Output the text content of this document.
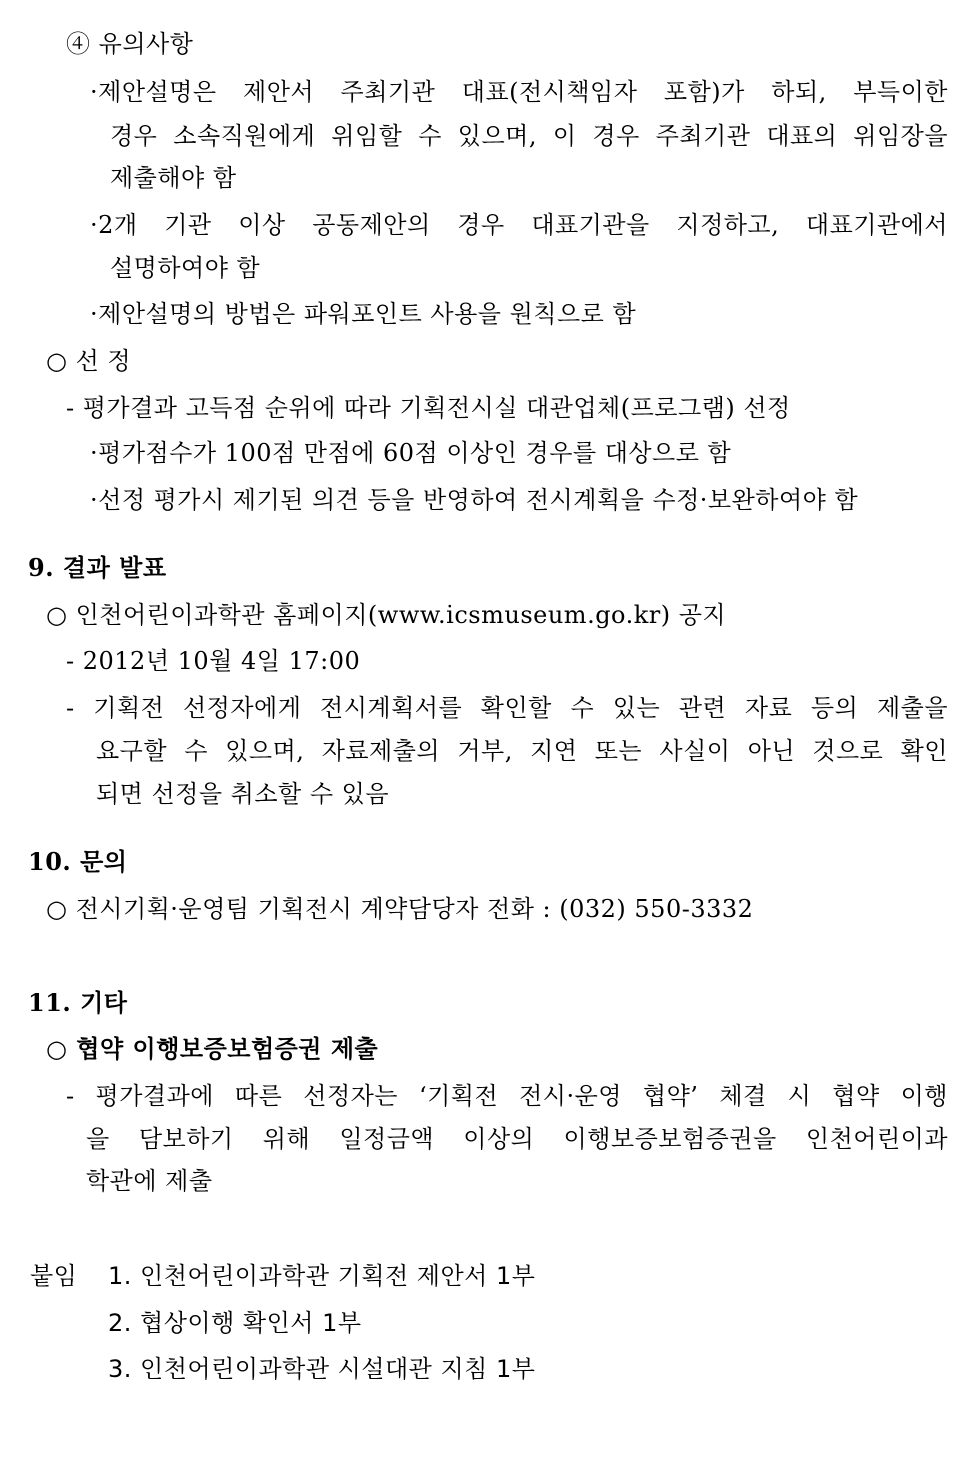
④ 유의사항
·제안설명은 제안서 주최기관 대표(전시책임자 포함)가 하되, 부득이한
경우 소속직원에게 위임할 수 있으며, 이 경우 주최기관 대표의 위임장을
제출해야 함
·2개 기관 이상 공동제안의 경우 대표기관을 지정하고, 대표기관에서
설명하여야 함
·제안설명의 방법은 파워포인트 사용을 원칙으로 함
○ 선 정
- 평가결과 고득점 순위에 따라 기획전시실 대관업체(프로그램) 선정
·평가점수가 100점 만점에 60점 이상인 경우를 대상으로 함
·선정 평가시 제기된 의견 등을 반영하여 전시계획을 수정·보완하여야 함
9. 결과 발표
○ 인천어린이과학관 홈페이지(www.icsmuseum.go.kr) 공지
- 2012년 10월 4일 17:00
- 기획전 선정자에게 전시계획서를 확인할 수 있는 관련 자료 등의 제출을
요구할 수 있으며, 자료제출의 거부, 지연 또는 사실이 아닌 것으로 확인
되면 선정을 취소할 수 있음
10. 문의
○ 전시기획·운영팀 기획전시 계약담당자 전화 : (032) 550-3332
11. 기타
○ 협약 이행보증보험증권 제출
- 평가결과에 따른 선정자는 ‘기획전 전시·운영 협약’ 체결 시 협약 이행
을 담보하기 위해 일정금액 이상의 이행보증보험증권을 인천어린이과
학관에 제출
붙임 1. 인천어린이과학관 기획전 제안서 1부
2. 협상이행 확인서 1부
3. 인천어린이과학관 시설대관 지침 1부
